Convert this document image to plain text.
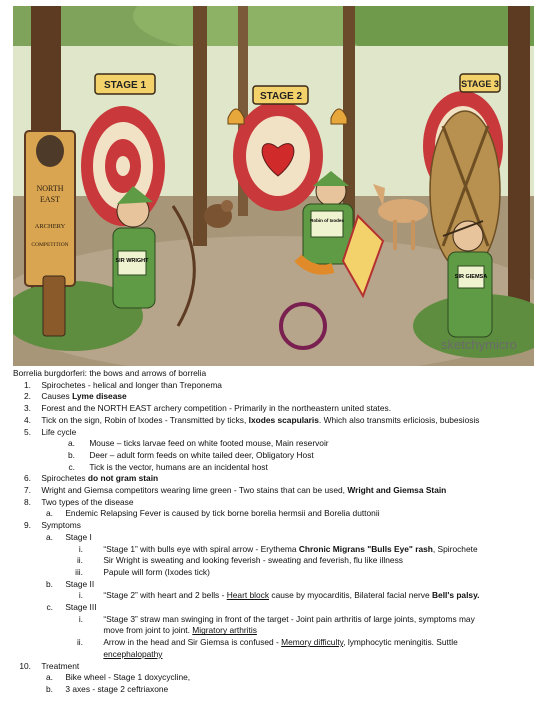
STAGE 1
STAGE 2
STAGE 3
NORTH
EAST
ARCHERY
COMPETITION
SIR WRIGHT
Robin of Ixodes
SIR GIEMSA
sketchymicro
Borrelia burgdorferi: the bows and arrows of borrelia
1. Spirochetes - helical and longer than Treponema
2. Causes Lyme disease
3. Forest and the NORTH EAST archery competition - Primarily in the northeastern united states.
4. Tick on the sign, Robin of Ixodes - Transmitted by ticks, Ixodes scapularis. Which also transmits erliciosis, bubesiosis
5. Life cycle
a. Mouse – ticks larvae feed on white footed mouse, Main reservoir
b. Deer – adult form feeds on white tailed deer, Obligatory Host
c. Tick is the vector, humans are an incidental host
6. Spirochetes do not gram stain
7. Wright and Giemsa competitors wearing lime green - Two stains that can be used, Wright and Giemsa Stain
8. Two types of the disease
a. Endemic Relapsing Fever is caused by tick borne borelia hermsii and Borelia duttonii
9. Symptoms
a. Stage I
i. “Stage 1” with bulls eye with spiral arrow - Erythema Chronic Migrans "Bulls Eye" rash, Spirochete
ii. Sir Wright is sweating and looking feverish - sweating and feverish, flu like illness
iii. Papule will form (Ixodes tick)
b. Stage II
i. “Stage 2” with heart and 2 bells - Heart block cause by myocarditis, Bilateral facial nerve Bell's palsy.
c. Stage III
i. “Stage 3” straw man swinging in front of the target - Joint pain arthritis of large joints, symptoms may
move from joint to joint. Migratory arthritis
ii. Arrow in the head and Sir Giemsa is confused - Memory difficulty, lymphocytic meningitis. Suttle
encephalopathy
10. Treatment
a. Bike wheel - Stage 1 doxycycline,
b. 3 axes - stage 2 ceftriaxone
